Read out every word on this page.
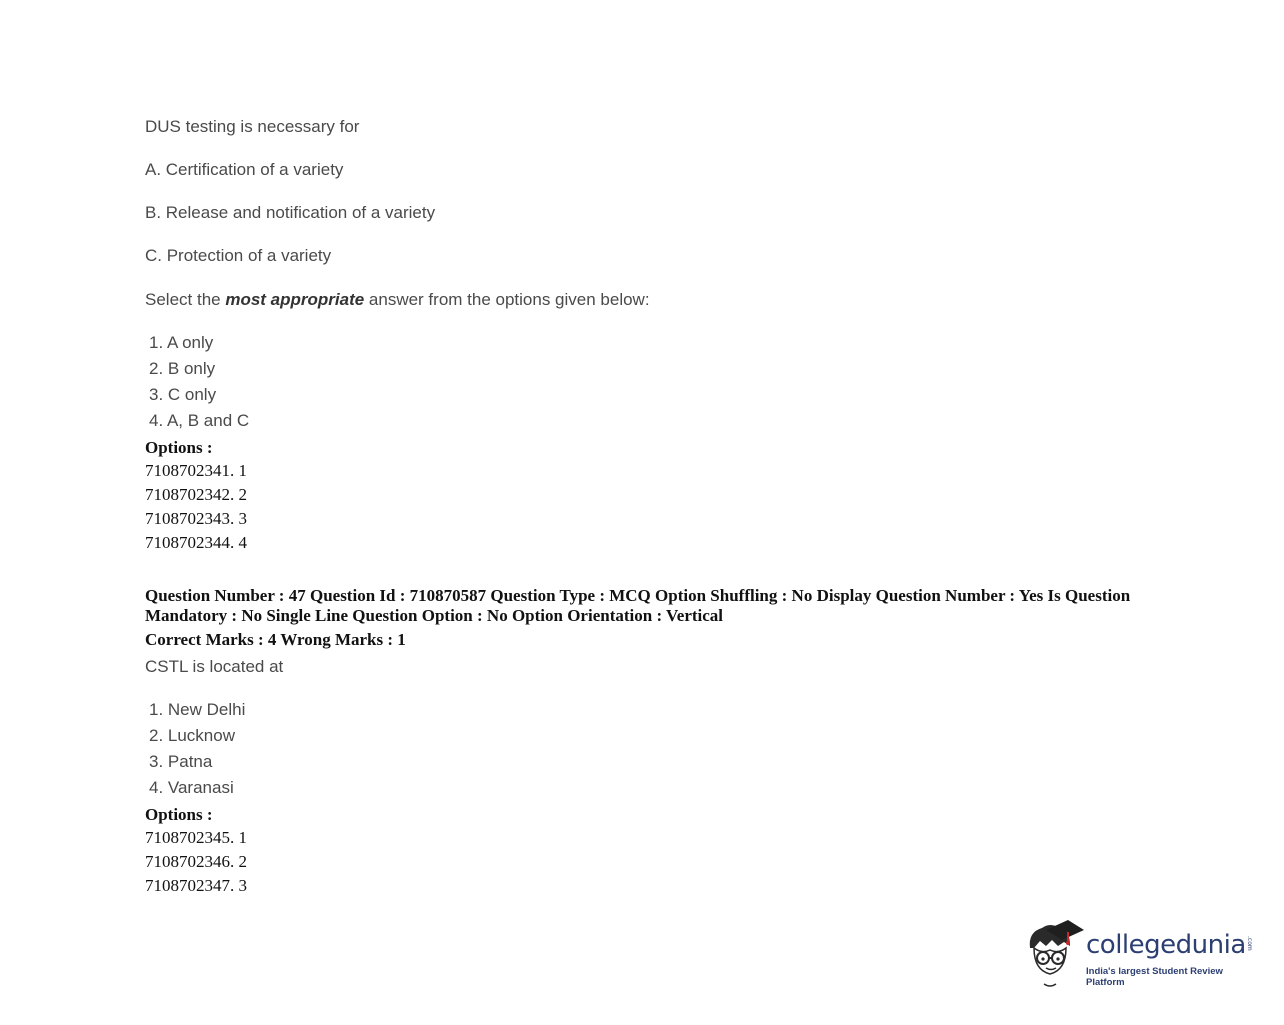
DUS testing is necessary for
A. Certification of a variety
B. Release and notification of a variety
C. Protection of a variety
Select the most appropriate answer from the options given below:
1. A only
2. B only
3. C only
4. A, B and C
Options :
7108702341. 1
7108702342. 2
7108702343. 3
7108702344. 4
Question Number : 47 Question Id : 710870587 Question Type : MCQ Option Shuffling : No Display Question Number : Yes Is Question Mandatory : No Single Line Question Option : No Option Orientation : Vertical
Correct Marks : 4 Wrong Marks : 1
CSTL is located at
1. New Delhi
2. Lucknow
3. Patna
4. Varanasi
Options :
7108702345. 1
7108702346. 2
7108702347. 3
collegedunia .com
India's largest Student Review Platform
